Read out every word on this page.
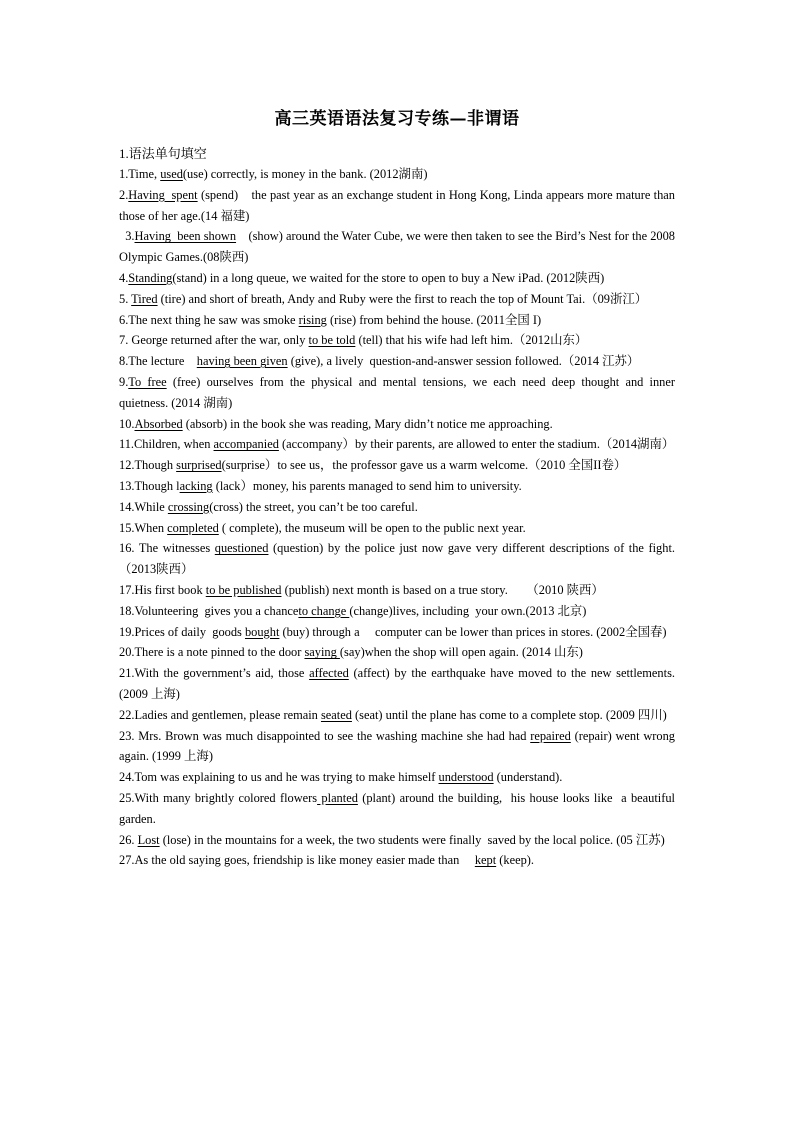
高三英语语法复习专练—非谓语

1.语法单句填空

1.Time, used(use) correctly, is money in the bank. (2012湖南)

2.Having  spent (spend)    the past year as an exchange student in Hong Kong, Linda appears more mature than those of her age.(14 福建)

3.Having  been shown    (show) around the Water Cube, we were then taken to see the Bird’s Nest for the 2008 Olympic Games.(08陕西)

4.Standing(stand) in a long queue, we waited for the store to open to buy a New iPad. (2012陕西)

5. Tired (tire) and short of breath, Andy and Ruby were the first to reach the top of Mount Tai.（09浙江）

6.The next thing he saw was smoke rising (rise) from behind the house. (2011全国 I)

7. George returned after the war, only to be told (tell) that his wife had left him.（2012山东）

8.The lecture    having been given (give), a lively  question-and-answer session followed.（2014 江苏）

9.To free (free) ourselves from the physical and mental tensions, we each need deep thought and inner quietness. (2014 湖南)

10.Absorbed (absorb) in the book she was reading, Mary didn’t notice me approaching.

11.Children, when accompanied (accompany）by their parents, are allowed to enter the stadium.（2014湖南）

12.Though surprised(surprise）to see us，the professor gave us a warm welcome.（2010 全国II卷）

13.Though lacking (lack）money, his parents managed to send him to university.

14.While crossing(cross) the street, you can’t be too careful.

15.When completed ( complete), the museum will be open to the public next year.

16. The witnesses questioned (question) by the police just now gave very different descriptions of the fight.  （2013陕西）

17.His first book to be published (publish) next month is based on a true story.      （2010 陕西）

18.Volunteering  gives you a chanceto change (change)lives, including  your own.(2013 北京)

19.Prices of daily  goods bought (buy) through a     computer can be lower than prices in stores. (2002全国春)

20.There is a note pinned to the door saying (say)when the shop will open again. (2014 山东)

21.With the government’s aid, those affected (affect) by the earthquake have moved to the new settlements. (2009 上海)

22.Ladies and gentlemen, please remain seated (seat) until the plane has come to a complete stop. (2009 四川)

23. Mrs. Brown was much disappointed to see the washing machine she had had repaired (repair) went wrong again. (1999 上海)

24.Tom was explaining to us and he was trying to make himself understood (understand).

25.With many brightly colored flowers planted (plant) around the building,  his house looks like  a beautiful garden.

26. Lost (lose) in the mountains for a week, the two students were finally  saved by the local police. (05 江苏)

27.As the old saying goes, friendship is like money easier made than     kept (keep).
